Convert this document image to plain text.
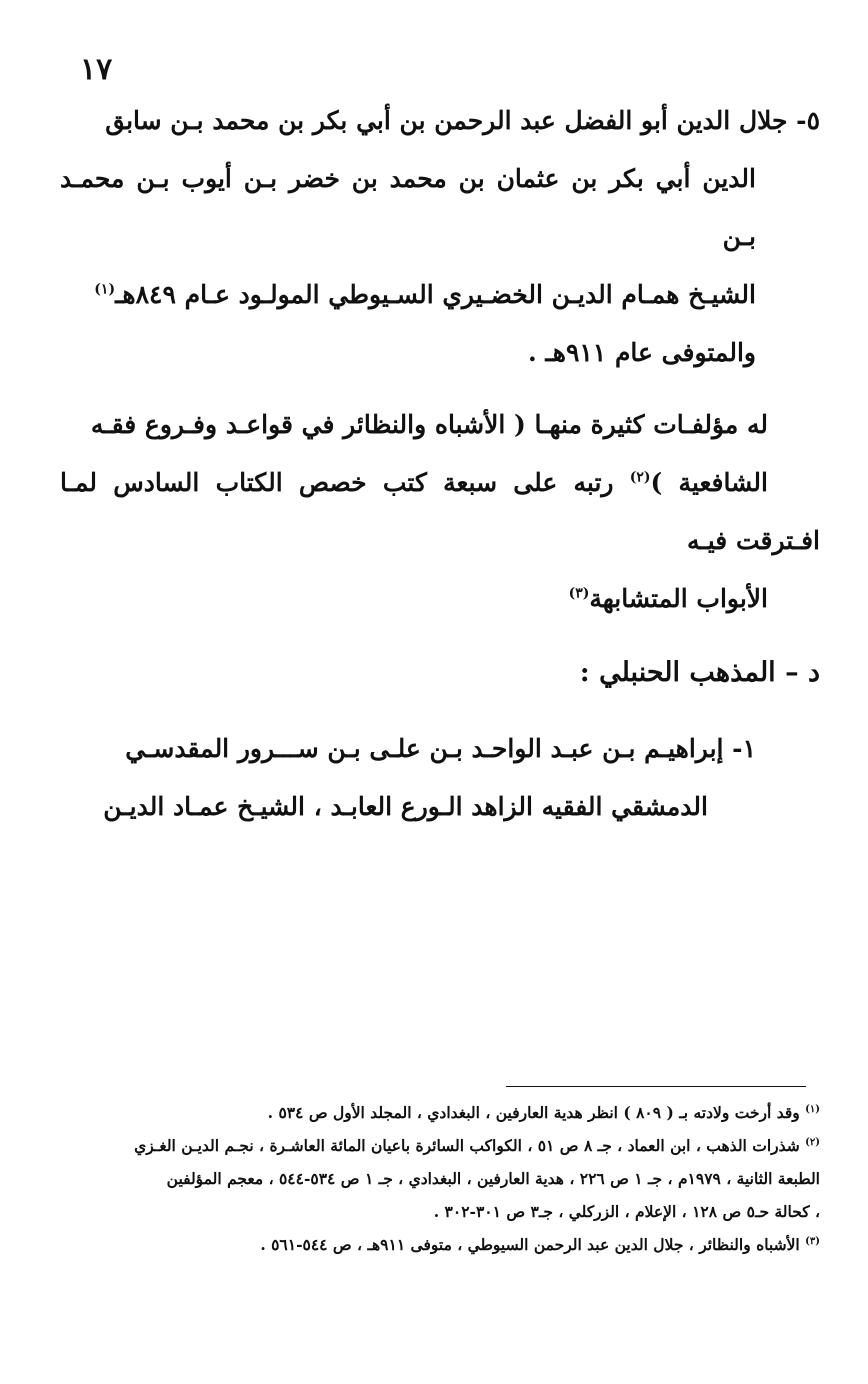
١٧

٥- جلال الدين أبو الفضل عبد الرحمن بن أبي بكر بن محمد بـن سابق
الدين أبي بكر بن عثمان بن محمد بن خضر بـن أيوب بـن محمـد بـن
الشيـخ همـام الديـن الخضـيري السـيوطي المولـود عـام ٨٤٩هـ$^{(١)}$
والمتوفى عام ٩١١هـ .

له مؤلفـات كثيرة منهـا ( الأشباه والنظائر في قواعـد وفـروع فقـه
الشافعية )$^{(٢)}$ رتبه على سبعة كتب خصص الكتاب السادس لمـا افـترقت فيـه
الأبواب المتشابهة$^{(٣)}$

د – المذهب الحنبلي :

١- إبراهيـم بـن عبـد الواحـد بـن علـى بـن ســـرور المقدسـي
الدمشقي الفقيه الزاهد الـورع العابـد ، الشيـخ عمـاد الديـن

$^{(١)}$ وقد أرخت ولادته بـ ( ٨٠٩ ) انظر هدية العارفين ، البغدادي ، المجلد الأول ص ٥٣٤ .

$^{(٢)}$ شذرات الذهب ، ابن العماد ، جـ ٨ ص ٥١ ، الكواكب السائرة باعيان المائة العاشـرة ، نجـم الديـن الغـزي
الطبعة الثانية ، ١٩٧٩م ، جـ ١ ص ٢٢٦ ، هدية العارفين ، البغدادي ، جـ ١ ص ٥٣٤-٥٤٤ ، معجم المؤلفين
، كحالة حـ٥ ص ١٢٨ ، الإعلام ، الزركلي ، جـ٣ ص ٣٠١-٣٠٢ .

$^{(٣)}$ الأشباه والنظائر ، جلال الدين عبد الرحمن السيوطي ، متوفى ٩١١هـ ، ص ٥٤٤-٥٦١ .
